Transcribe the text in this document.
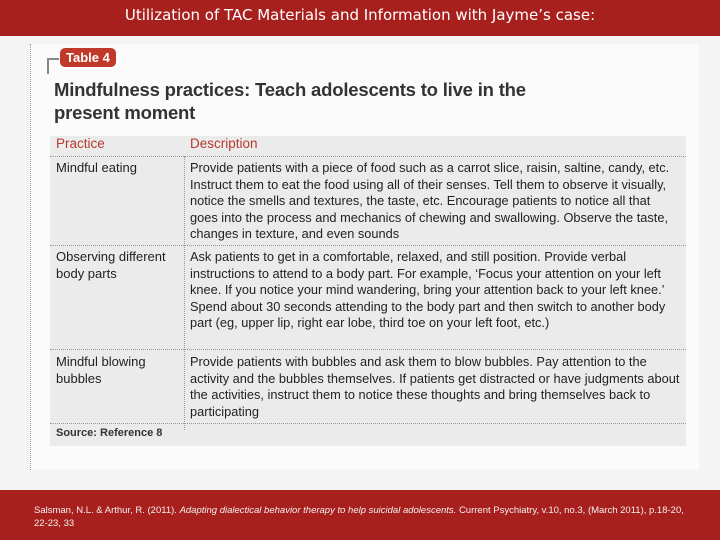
Utilization of TAC Materials and Information with Jayme’s case:
Table 4
Mindfulness practices: Teach adolescents to live in the present moment
Practice	Description
Mindful eating	Provide patients with a piece of food such as a carrot slice, raisin, saltine, candy, etc. Instruct them to eat the food using all of their senses. Tell them to observe it visually, notice the smells and textures, the taste, etc. Encourage patients to notice all that goes into the process and mechanics of chewing and swallowing. Observe the taste, changes in texture, and even sounds
Observing different body parts
Ask patients to get in a comfortable, relaxed, and still position. Provide verbal instructions to attend to a body part. For example, ‘Focus your attention on your left knee. If you notice your mind wandering, bring your attention back to your left knee.’ Spend about 30 seconds attending to the body part and then switch to another body part (eg, upper lip, right ear lobe, third toe on your left foot, etc.)
Mindful blowing bubbles
Provide patients with bubbles and ask them to blow bubbles. Pay attention to the activity and the bubbles themselves. If patients get distracted or have judgments about the activities, instruct them to notice these thoughts and bring themselves back to participating
Source: Reference 8
Salsman, N.L. & Arthur, R. (2011). Adapting dialectical behavior therapy to help suicidal adolescents. Current Psychiatry, v.10, no.3, (March 2011), p.18-20, 22-23, 33
